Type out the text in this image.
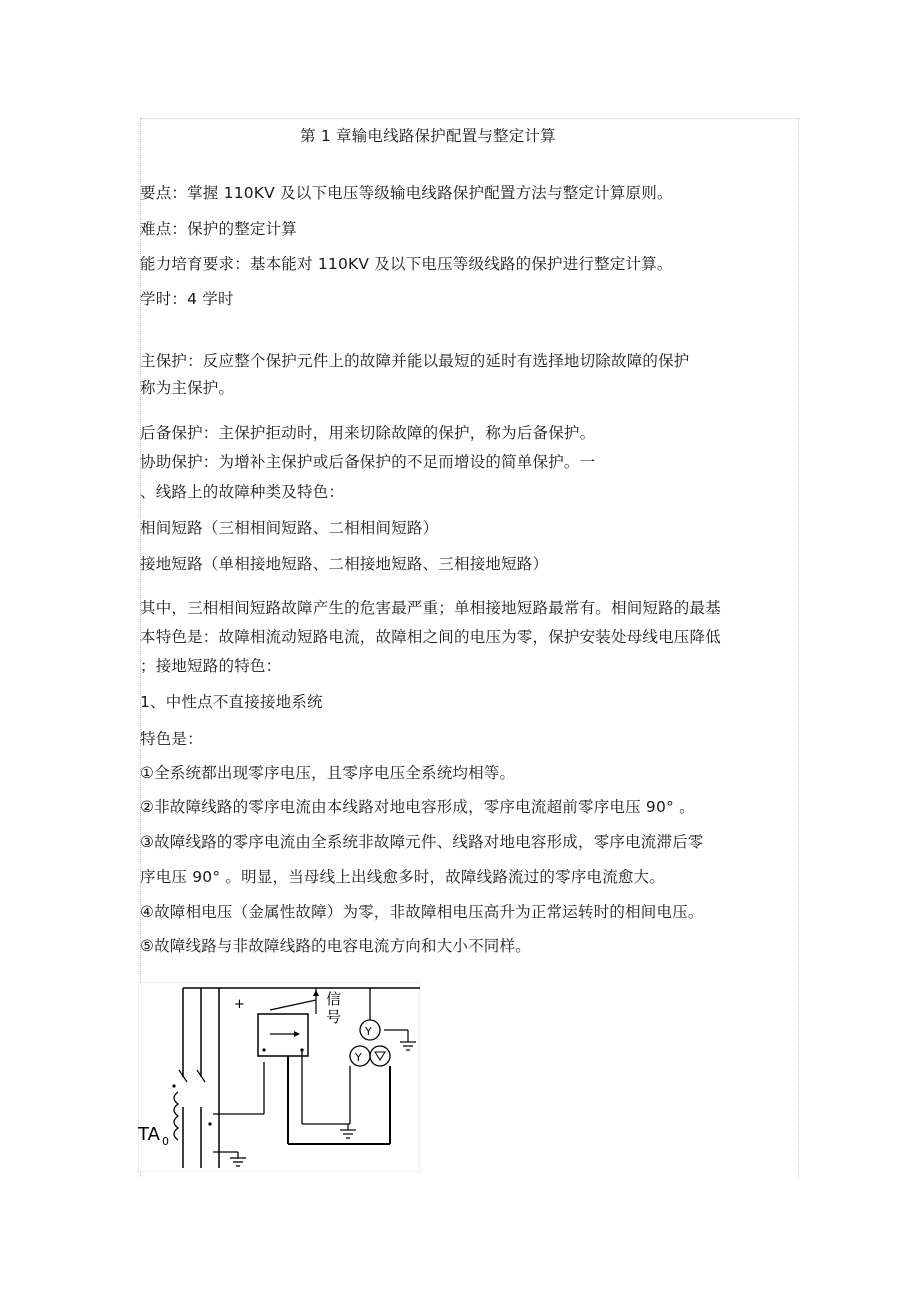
第 1 章输电线路保护配置与整定计算
要点：掌握 110KV 及以下电压等级输电线路保护配置方法与整定计算原则。
难点：保护的整定计算
能力培育要求：基本能对 110KV 及以下电压等级线路的保护进行整定计算。
学时：4 学时
主保护：反应整个保护元件上的故障并能以最短的延时有选择地切除故障的保护
称为主保护。
后备保护：主保护拒动时，用来切除故障的保护，称为后备保护。
协助保护：为增补主保护或后备保护的不足而增设的简单保护。一
、线路上的故障种类及特色：
相间短路（三相相间短路、二相相间短路）
接地短路（单相接地短路、二相接地短路、三相接地短路）
其中，三相相间短路故障产生的危害最严重；单相接地短路最常有。相间短路的最基
本特色是：故障相流动短路电流，故障相之间的电压为零，保护安装处母线电压降低
；接地短路的特色：
1、中性点不直接接地系统
特色是：
①全系统都出现零序电压，且零序电压全系统均相等。
②非故障线路的零序电流由本线路对地电容形成，零序电流超前零序电压 90° 。
③故障线路的零序电流由全系统非故障元件、线路对地电容形成，零序电流滞后零
序电压 90° 。明显，当母线上出线愈多时，故障线路流过的零序电流愈大。
④故障相电压（金属性故障）为零，非故障相电压高升为正常运转时的相间电压。
⑤故障线路与非故障线路的电容电流方向和大小不同样。
TA 0
+	信
号
Y
Y
